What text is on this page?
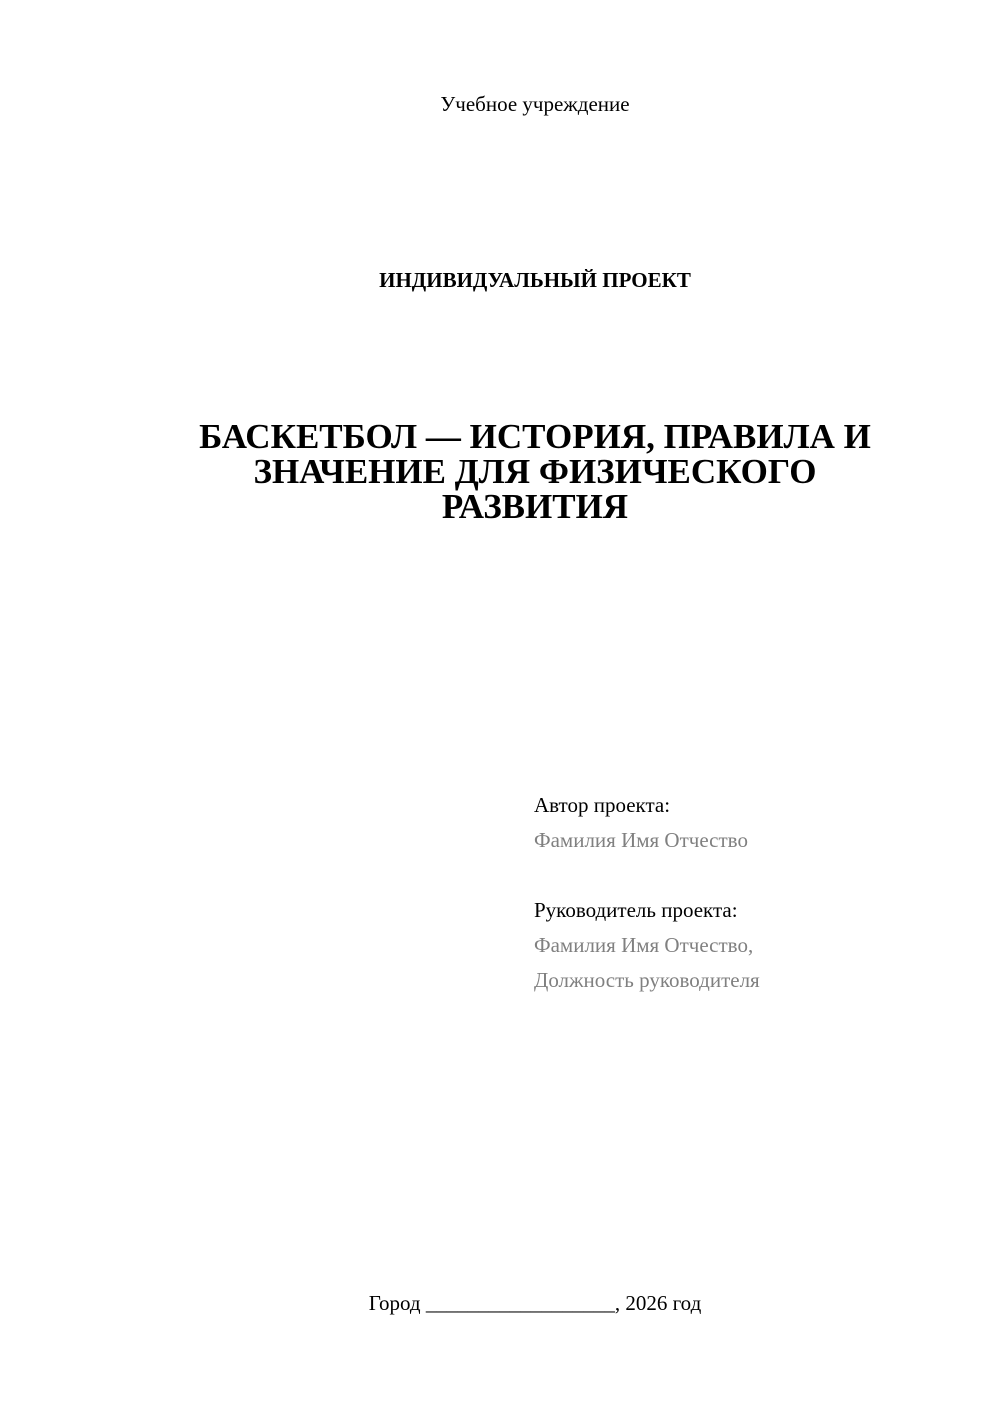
Учебное учреждение
ИНДИВИДУАЛЬНЫЙ ПРОЕКТ
БАСКЕТБОЛ — ИСТОРИЯ, ПРАВИЛА И
ЗНАЧЕНИЕ ДЛЯ ФИЗИЧЕСКОГО
РАЗВИТИЯ
Автор проекта:
Фамилия Имя Отчество
Руководитель проекта:
Фамилия Имя Отчество,
Должность руководителя
Город __________________, 2026 год
